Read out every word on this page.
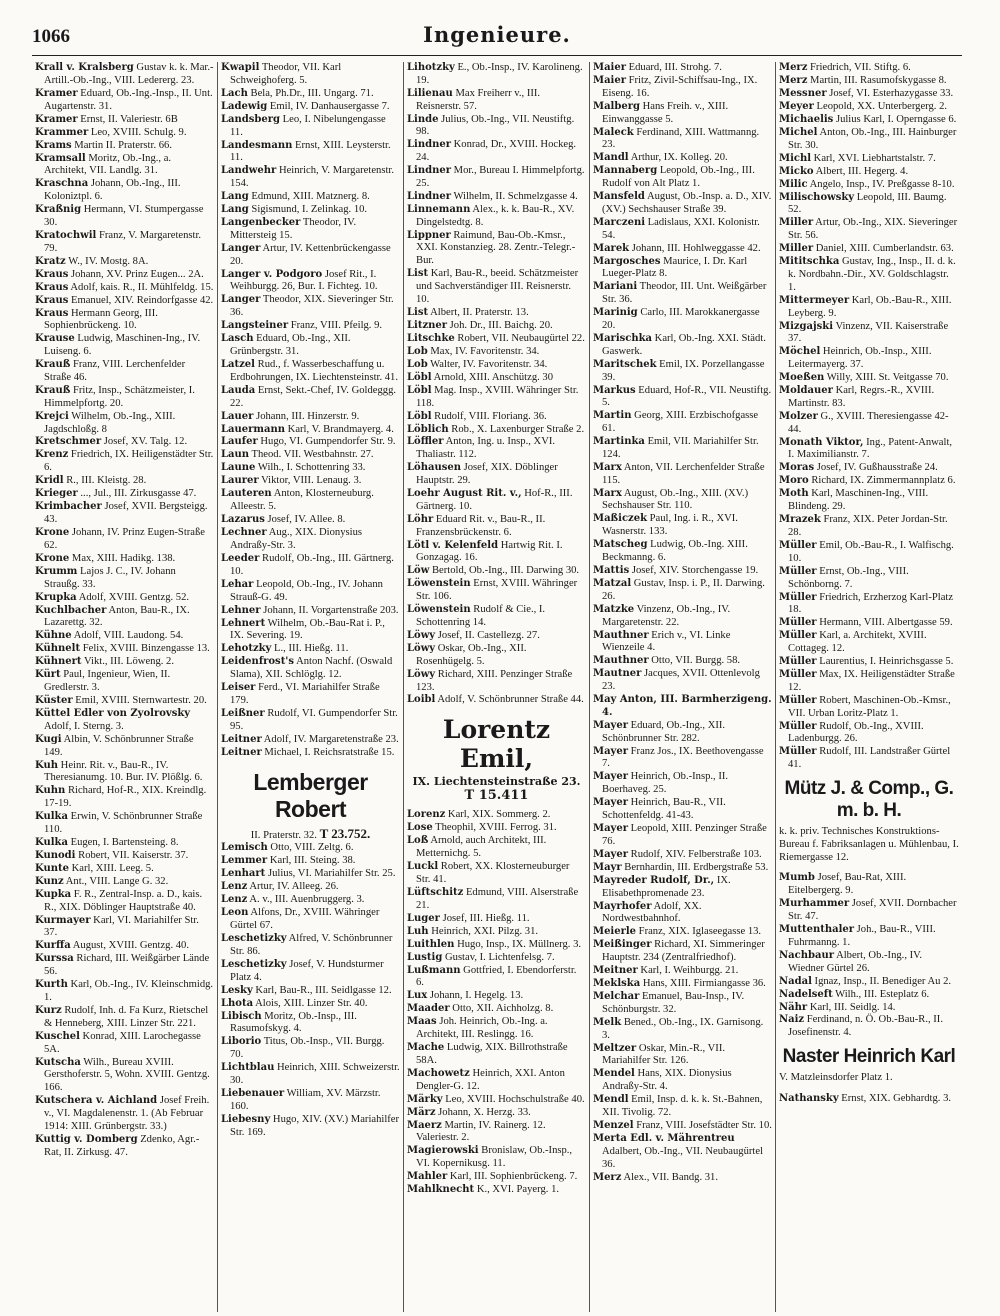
1066	Ingenieure.
Krall v. Kralsberg Gustav k. k. Mar.-Artill.-Ob.-Ing., VIII. Ledererg. 23.
Kramer Eduard, Ob.-Ing.-Insp., II. Unt. Augartenstr. 31.
Kramer Ernst, II. Valeriestr. 6B
Krammer Leo, XVIII. Schulg. 9.
Krams Martin II. Praterstr. 66.
Kramsall Moritz, Ob.-Ing., a. Architekt, VII. Landlg. 31.
Kraschna Johann, Ob.-Ing., III. Koloniztpl. 6.
Kraßnig Hermann, VI. Stumpergasse 30.
Kratochwil Franz, V. Margaretenstr. 79.
Kratz W., IV. Mostg. 8A.
Kraus Johann, XV. Prinz Eugen... 2A.
Kraus Adolf, kais. R., II. Mühlfeldg. 15.
Kraus Emanuel, XIV. Reindorfgasse 42.
Kraus Hermann Georg, III. Sophienbrückeng. 10.
Krause Ludwig, Maschinen-Ing., IV. Luiseng. 6.
Krauß Franz, VIII. Lerchenfelder Straße 46.
Krauß Fritz, Insp., Schätzmeister, I. Himmelpfortg. 20.
Krejci Wilhelm, Ob.-Ing., XIII. Jagdschloßg. 8
Kretschmer Josef, XV. Talg. 12.
Krenz Friedrich, IX. Heiligenstädter Str. 6.
Kridl R., III. Kleistg. 28.
Krieger ..., Jul., III. Zirkusgasse 47.
Krimbacher Josef, XVII. Bergsteigg. 43.
Krone Johann, IV. Prinz Eugen-Straße 62.
Krone Max, XIII. Hadikg. 138.
Krumm Lajos J. C., IV. Johann Straußg. 33.
Krupka Adolf, XVIII. Gentzg. 52.
Kuchlbacher Anton, Bau-R., IX. Lazarettg. 32.
Kühne Adolf, VIII. Laudong. 54.
Kühnelt Felix, XVIII. Binzengasse 13.
Kühnert Vikt., III. Löweng. 2.
Kürt Paul, Ingenieur, Wien, II. Gredlerstr. 3.
Küster Emil, XVIII. Sternwartestr. 20.
Küttel Edler von Zyolrovsky Adolf, I. Sterng. 3.
Kugi Albin, V. Schönbrunner Straße 149.
Kuh Heinr. Rit. v., Bau-R., IV. Theresianumg. 10. Bur. IV. Plößlg. 6.
Kuhn Richard, Hof-R., XIX. Kreindlg. 17-19.
Kulka Erwin, V. Schönbrunner Straße 110.
Kulka Eugen, I. Bartensteing. 8.
Kunodi Robert, VII. Kaiserstr. 37.
Kunte Karl, XIII. Leeg. 5.
Kunz Ant., VIII. Lange G. 32.
Kupka F. R., Zentral-Insp. a. D., kais. R., XIX. Döblinger Hauptstraße 40.
Kurmayer Karl, VI. Mariahilfer Str. 37.
Kurffa August, XVIII. Gentzg. 40.
Kurssa Richard, III. Weißgärber Lände 56.
Kurth Karl, Ob.-Ing., IV. Kleinschmidg. 1.
Kurz Rudolf, Inh. d. Fa Kurz, Rietschel & Henneberg, XIII. Linzer Str. 221.
Kuschel Konrad, XIII. Larochegasse 5A.
Kutscha Wilh., Bureau XVIII. Gersthoferstr. 5, Wohn. XVIII. Gentzg. 166.
Kutschera v. Aichland Josef Freih. v., VI. Magdalenenstr. 1. (Ab Februar 1914: XIII. Grünbergstr. 33.)
Kuttig v. Domberg Zdenko, Agr.-Rat, II. Zirkusg. 47.
Kwapil Theodor, VII. Karl Schweighoferg. 5.
Lach Bela, Ph.Dr., III. Ungarg. 71.
Ladewig Emil, IV. Danhausergasse 7.
Landsberg Leo, I. Nibelungengasse 11.
Landesmann Ernst, XIII. Leysterstr. 11.
Landwehr Heinrich, V. Margaretenstr. 154.
Lang Edmund, XIII. Matznerg. 8.
Lang Sigismund, I. Zelinkag. 10.
Langenbecker Theodor, IV. Mittersteig 15.
Langer Artur, IV. Kettenbrückengasse 20.
Langer v. Podgoro Josef Rit., I. Weihburgg. 26, Bur. I. Fichteg. 10.
Langer Theodor, XIX. Sieveringer Str. 36.
Langsteiner Franz, VIII. Pfeilg. 9.
Lasch Eduard, Ob.-Ing., XII. Grünbergstr. 31.
Latzel Rud., f. Wasserbeschaffung u. Erdbohrungen, IX. Liechtensteinstr. 41.
Lauda Ernst, Sekt.-Chef, IV. Goldeggg. 22.
Lauer Johann, III. Hinzerstr. 9.
Lauermann Karl, V. Brandmayerg. 4.
Laufer Hugo, VI. Gumpendorfer Str. 9.
Laun Theod. VII. Westbahnstr. 27.
Laune Wilh., I. Schottenring 33.
Laurer Viktor, VIII. Lenaug. 3.
Lauteren Anton, Klosterneuburg. Alleestr. 5.
Lazarus Josef, IV. Allee. 8.
Lechner Aug., XIX. Dionysius Andraßy-Str. 3.
Leeder Rudolf, Ob.-Ing., III. Gärtnerg. 10.
Lehar Leopold, Ob.-Ing., IV. Johann Strauß-G. 49.
Lehner Johann, II. Vorgartenstraße 203.
Lehnert Wilhelm, Ob.-Bau-Rat i. P., IX. Severing. 19.
Lehotzky L., III. Hießg. 11.
Leidenfrost's Anton Nachf. (Oswald Slama), XII. Schlöglg. 12.
Leiser Ferd., VI. Mariahilfer Straße 179.
Leißner Rudolf, VI. Gumpendorfer Str. 95.
Leitner Adolf, IV. Margaretenstraße 23.
Leitner Michael, I. Reichsratstraße 15.
Lemberger Robert
II. Praterstr. 32. T 23.752.
Lemisch Otto, VIII. Zeltg. 6.
Lemmer Karl, III. Steing. 38.
Lenhart Julius, VI. Mariahilfer Str. 25.
Lenz Artur, IV. Alleeg. 26.
Lenz A. v., III. Auenbruggerg. 3.
Leon Alfons, Dr., XVIII. Währinger Gürtel 67.
Leschetizky Alfred, V. Schönbrunner Str. 86.
Leschetizky Josef, V. Hundsturmer Platz 4.
Lesky Karl, Bau-R., III. Seidlgasse 12.
Lhota Alois, XIII. Linzer Str. 40.
Libisch Moritz, Ob.-Insp., III. Rasumofskyg. 4.
Liborio Titus, Ob.-Insp., VII. Burgg. 70.
Lichtblau Heinrich, XIII. Schweizerstr. 30.
Liebenauer William, XV. Märzstr. 160.
Liebesny Hugo, XIV. (XV.) Mariahilfer Str. 169.
Lihotzky E., Ob.-Insp., IV. Karolineng. 19.
Lilienau Max Freiherr v., III. Reisnerstr. 57.
Linde Julius, Ob.-Ing., VII. Neustiftg. 98.
Lindner Konrad, Dr., XVIII. Hockeg. 24.
Lindner Mor., Bureau I. Himmelpfortg. 25.
Lindner Wilhelm, II. Schmelzgasse 4.
Linnemann Alex., k. k. Bau-R., XV. Dingelstedtg. 8.
Lippner Raimund, Bau-Ob.-Kmsr., XXI. Konstanzieg. 28. Zentr.-Telegr.-Bur.
List Karl, Bau-R., beeid. Schätzmeister und Sachverständiger III. Reisnerstr. 10.
List Albert, II. Praterstr. 13.
Litzner Joh. Dr., III. Baichg. 20.
Litschke Robert, VII. Neubaugürtel 22.
Lob Max, IV. Favoritenstr. 34.
Lob Walter, IV. Favoritenstr. 34.
Löbl Arnold, XIII. Anschützg. 30
Löbl Mag. Insp., XVIII. Währinger Str. 118.
Löbl Rudolf, VIII. Floriang. 36.
Löblich Rob., X. Laxenburger Straße 2.
Löffler Anton, Ing. u. Insp., XVI. Thaliastr. 112.
Löhausen Josef, XIX. Döblinger Hauptstr. 29.
Loehr August Rit. v., Hof-R., III. Gärtnerg. 10.
Löhr Eduard Rit. v., Bau-R., II. Franzensbrückenstr. 6.
Lötl v. Kelenfeld Hartwig Rit. I. Gonzagag. 16.
Löw Bertold, Ob.-Ing., III. Darwing 30.
Löwenstein Ernst, XVIII. Währinger Str. 106.
Löwenstein Rudolf & Cie., I. Schottenring 14.
Löwy Josef, II. Castellezg. 27.
Löwy Oskar, Ob.-Ing., XII. Rosenhügelg. 5.
Löwy Richard, XIII. Penzinger Straße 123.
Loibl Adolf, V. Schönbrunner Straße 44.
Lorentz Emil,
IX. Liechtensteinstraße 23. T 15.411
Lorenz Karl, XIX. Sommerg. 2.
Lose Theophil, XVIII. Ferrog. 31.
Loß Arnold, auch Architekt, III. Metternichg. 5.
Luckl Robert, XX. Klosterneuburger Str. 41.
Lüftschitz Edmund, VIII. Alserstraße 21.
Luger Josef, III. Hießg. 11.
Luh Heinrich, XXI. Pilzg. 31.
Luithlen Hugo, Insp., IX. Müllnerg. 3.
Lustig Gustav, I. Lichtenfelsg. 7.
Lußmann Gottfried, I. Ebendorferstr. 6.
Lux Johann, I. Hegelg. 13.
Maader Otto, XII. Aichholzg. 8.
Maas Joh. Heinrich, Ob.-Ing. a. Architekt, III. Reslingg. 16.
Mache Ludwig, XIX. Billrothstraße 58A.
Machowetz Heinrich, XXI. Anton Dengler-G. 12.
Märky Leo, XVIII. Hochschulstraße 40.
März Johann, X. Herzg. 33.
Maerz Martin, IV. Rainerg. 12. Valeriestr. 2.
Magierowski Bronislaw, Ob.-Insp., VI. Kopernikusg. 11.
Mahler Karl, III. Sophienbrückeng. 7.
Mahlknecht K., XVI. Payerg. 1.
Maier Eduard, III. Strohg. 7.
Maier Fritz, Zivil-Schiffsau-Ing., IX. Eiseng. 16.
Malberg Hans Freih. v., XIII. Einwanggasse 5.
Maleck Ferdinand, XIII. Wattmanng. 23.
Mandl Arthur, IX. Kolleg. 20.
Mannaberg Leopold, Ob.-Ing., III. Rudolf von Alt Platz 1.
Mansfeld August, Ob.-Insp. a. D., XIV. (XV.) Sechshauser Straße 39.
Marczeni Ladislaus, XXI. Kolonistr. 54.
Marek Johann, III. Hohlweggasse 42.
Margosches Maurice, I. Dr. Karl Lueger-Platz 8.
Mariani Theodor, III. Unt. Weißgärber Str. 36.
Marinig Carlo, III. Marokkanergasse 20.
Marischka Karl, Ob.-Ing. XXI. Städt. Gaswerk.
Maritschek Emil, IX. Porzellangasse 39.
Markus Eduard, Hof-R., VII. Neustiftg. 5.
Martin Georg, XIII. Erzbischofgasse 61.
Martinka Emil, VII. Mariahilfer Str. 124.
Marx Anton, VII. Lerchenfelder Straße 115.
Marx August, Ob.-Ing., XIII. (XV.) Sechshauser Str. 110.
Maßiczek Paul, Ing. i. R., XVI. Wasnerstr. 133.
Matscheg Ludwig, Ob.-Ing. XIII. Beckmanng. 6.
Mattis Josef, XIV. Storchengasse 19.
Matzal Gustav, Insp. i. P., II. Darwing. 26.
Matzke Vinzenz, Ob.-Ing., IV. Margaretenstr. 22.
Mauthner Erich v., VI. Linke Wienzeile 4.
Mauthner Otto, VII. Burgg. 58.
Mautner Jacques, XVII. Ottenlevolg 23.
May Anton, III. Barmherzigeng. 4.
Mayer Eduard, Ob.-Ing., XII. Schönbrunner Str. 282.
Mayer Franz Jos., IX. Beethovengasse 7.
Mayer Heinrich, Ob.-Insp., II. Boerhaveg. 25.
Mayer Heinrich, Bau-R., VII. Schottenfeldg. 41-43.
Mayer Leopold, XIII. Penzinger Straße 76.
Mayer Rudolf, XIV. Felberstraße 103.
Mayr Bernhardin, III. Erdbergstraße 53.
Mayreder Rudolf, Dr., IX. Elisabethpromenade 23.
Mayrhofer Adolf, XX. Nordwestbahnhof.
Meierle Franz, XIX. Iglaseegasse 13.
Meißinger Richard, XI. Simmeringer Hauptstr. 234 (Zentralfriedhof).
Meitner Karl, I. Weihburgg. 21.
Meklska Hans, XIII. Firmiangasse 36.
Melchar Emanuel, Bau-Insp., IV. Schönburgstr. 32.
Melk Bened., Ob.-Ing., IX. Garnisong. 3.
Meltzer Oskar, Min.-R., VII. Mariahilfer Str. 126.
Mendel Hans, XIX. Dionysius Andraßy-Str. 4.
Mendl Emil, Insp. d. k. k. St.-Bahnen, XII. Tivolig. 72.
Menzel Franz, VIII. Josefstädter Str. 10.
Merta Edl. v. Mährentreu Adalbert, Ob.-Ing., VII. Neubaugürtel 36.
Merz Alex., VII. Bandg. 31.
Merz Friedrich, VII. Stiftg. 6.
Merz Martin, III. Rasumofskygasse 8.
Messner Josef, VI. Esterhazygasse 33.
Meyer Leopold, XX. Unterbergerg. 2.
Michaelis Julius Karl, I. Operngasse 6.
Michel Anton, Ob.-Ing., III. Hainburger Str. 30.
Michl Karl, XVI. Liebhartstalstr. 7.
Micko Albert, III. Hegerg. 4.
Milic Angelo, Insp., IV. Preßgasse 8-10.
Milischowsky Leopold, III. Baumg. 52.
Miller Artur, Ob.-Ing., XIX. Sieveringer Str. 56.
Miller Daniel, XIII. Cumberlandstr. 63.
Mititschka Gustav, Ing., Insp., II. d. k. k. Nordbahn.-Dir., XV. Goldschlagstr. 1.
Mittermeyer Karl, Ob.-Bau-R., XIII. Leyberg. 9.
Mizgajski Vinzenz, VII. Kaiserstraße 37.
Möchel Heinrich, Ob.-Insp., XIII. Leitermayerg. 37.
Moeßen Willy, XIII. St. Veitgasse 70.
Moldauer Karl, Regrs.-R., XVIII. Martinstr. 83.
Molzer G., XVIII. Theresiengasse 42-44.
Monath Viktor, Ing., Patent-Anwalt, I. Maximilianstr. 7.
Moras Josef, IV. Gußhausstraße 24.
Moro Richard, IX. Zimmermannplatz 6.
Moth Karl, Maschinen-Ing., VIII. Blindeng. 29.
Mrazek Franz, XIX. Peter Jordan-Str. 28.
Müller Emil, Ob.-Bau-R., I. Walfischg. 10.
Müller Ernst, Ob.-Ing., VIII. Schönborng. 7.
Müller Friedrich, Erzherzog Karl-Platz 18.
Müller Hermann, VIII. Albertgasse 59.
Müller Karl, a. Architekt, XVIII. Cottageg. 12.
Müller Laurentius, I. Heinrichsgasse 5.
Müller Max, IX. Heiligenstädter Straße 12.
Müller Robert, Maschinen-Ob.-Kmsr., VII. Urban Loritz-Platz 1.
Müller Rudolf, Ob.-Ing., XVIII. Ladenburgg. 26.
Müller Rudolf, III. Landstraßer Gürtel 41.
Mütz J. & Comp., G. m. b. H.
k. k. priv. Technisches Konstruktions-Bureau f. Fabriksanlagen u. Mühlenbau, I. Riemergasse 12.
Mumb Josef, Bau-Rat, XIII. Eitelbergerg. 9.
Murhammer Josef, XVII. Dornbacher Str. 47.
Muttenthaler Joh., Bau-R., VIII. Fuhrmanng. 1.
Nachbaur Albert, Ob.-Ing., IV. Wiedner Gürtel 26.
Nadal Ignaz, Insp., II. Benediger Au 2.
Nadelseft Wilh., III. Esteplatz 6.
Nähr Karl, III. Seidlg. 14.
Naiz Ferdinand, n. Ö. Ob.-Bau-R., II. Josefinenstr. 4.
Naster Heinrich Karl
V. Matzleinsdorfer Platz 1.
Nathansky Ernst, XIX. Gebhardtg. 3.
